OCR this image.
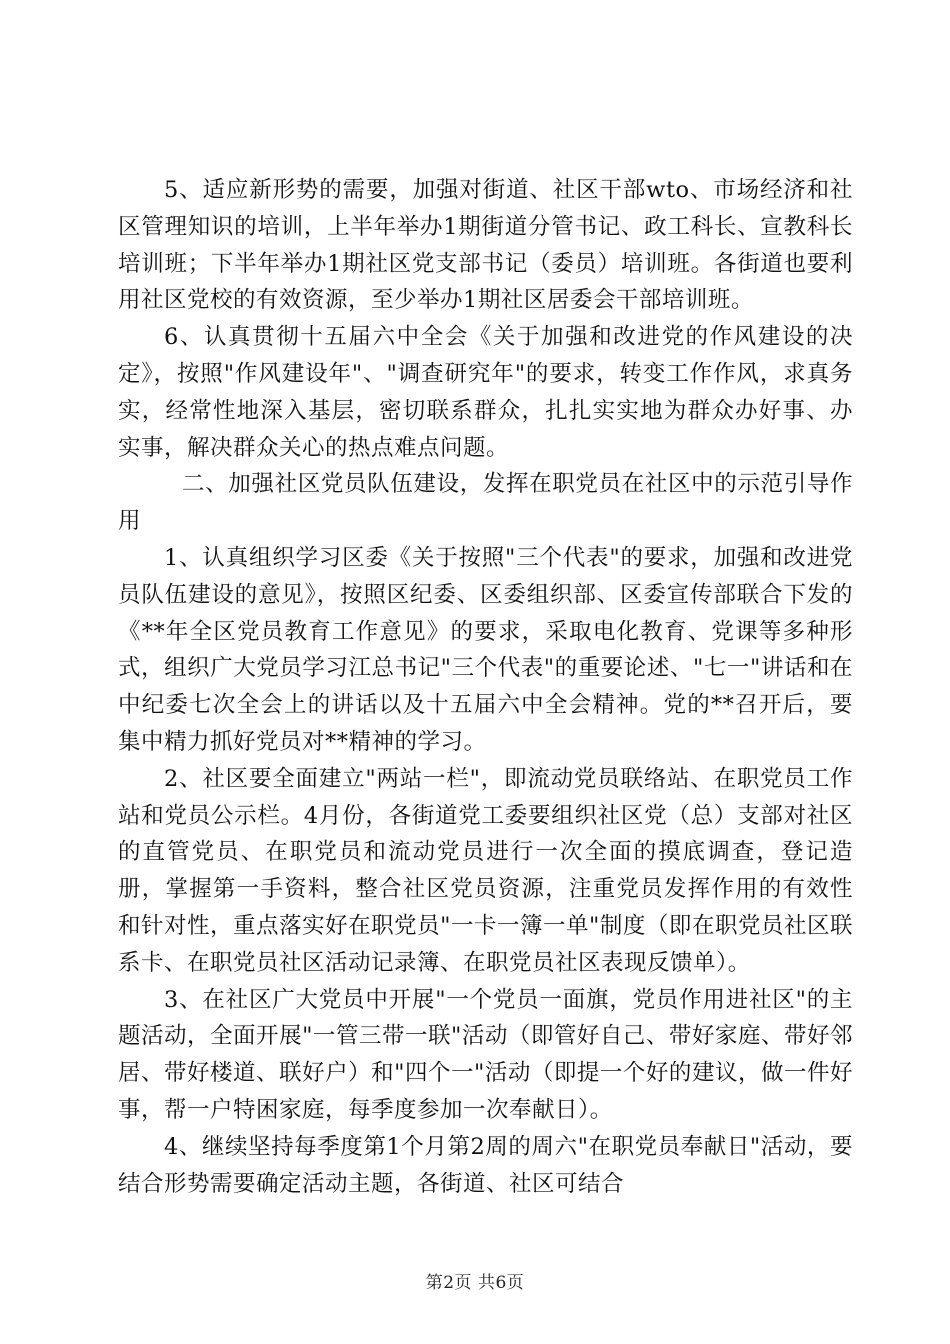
5、适应新形势的需要，加强对街道、社区干部wto、市场经济和社区管理知识的培训，上半年举办1期街道分管书记、政工科长、宣教科长培训班；下半年举办1期社区党支部书记（委员）培训班。各街道也要利用社区党校的有效资源，至少举办1期社区居委会干部培训班。

6、认真贯彻十五届六中全会《关于加强和改进党的作风建设的决定》，按照"作风建设年"、"调查研究年"的要求，转变工作作风，求真务实，经常性地深入基层，密切联系群众，扎扎实实地为群众办好事、办实事，解决群众关心的热点难点问题。

二、加强社区党员队伍建设，发挥在职党员在社区中的示范引导作用

1、认真组织学习区委《关于按照"三个代表"的要求，加强和改进党员队伍建设的意见》，按照区纪委、区委组织部、区委宣传部联合下发的《**年全区党员教育工作意见》的要求，采取电化教育、党课等多种形式，组织广大党员学习江总书记"三个代表"的重要论述、"七一"讲话和在中纪委七次全会上的讲话以及十五届六中全会精神。党的**召开后，要集中精力抓好党员对**精神的学习。

2、社区要全面建立"两站一栏"，即流动党员联络站、在职党员工作站和党员公示栏。4月份，各街道党工委要组织社区党（总）支部对社区的直管党员、在职党员和流动党员进行一次全面的摸底调查，登记造册，掌握第一手资料，整合社区党员资源，注重党员发挥作用的有效性和针对性，重点落实好在职党员"一卡一簿一单"制度（即在职党员社区联系卡、在职党员社区活动记录簿、在职党员社区表现反馈单）。

3、在社区广大党员中开展"一个党员一面旗，党员作用进社区"的主题活动，全面开展"一管三带一联"活动（即管好自己、带好家庭、带好邻居、带好楼道、联好户）和"四个一"活动（即提一个好的建议，做一件好事，帮一户特困家庭，每季度参加一次奉献日）。

4、继续坚持每季度第1个月第2周的周六"在职党员奉献日"活动，要结合形势需要确定活动主题，各街道、社区可结合

第2页 共6页
